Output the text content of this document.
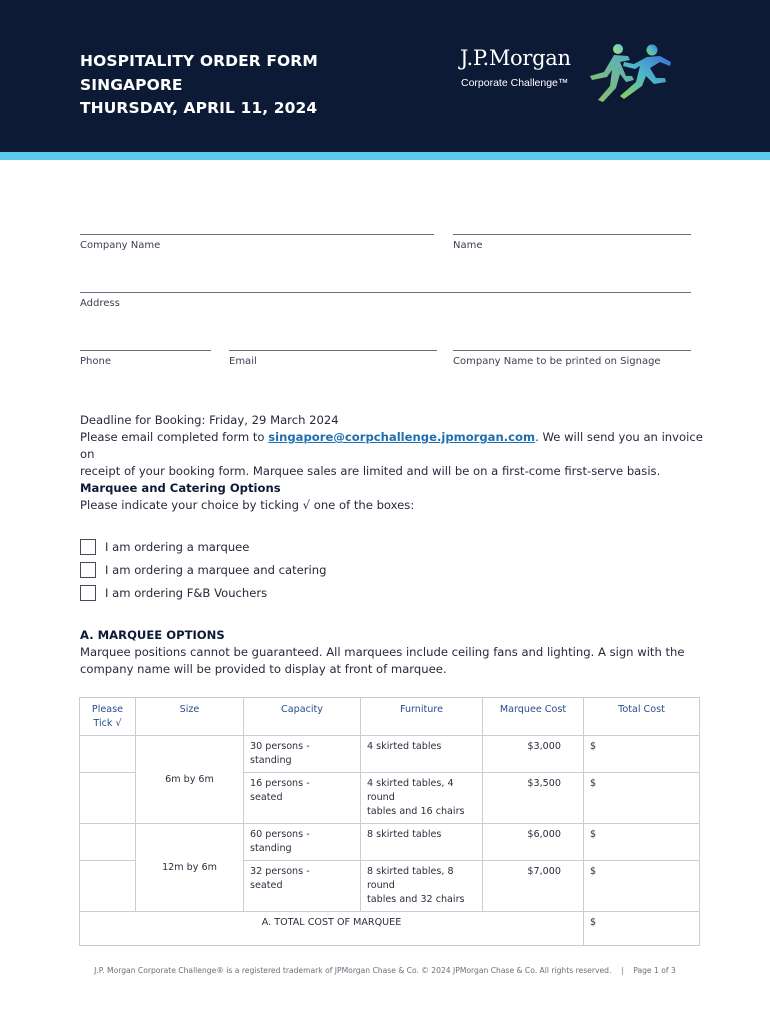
HOSPITALITY ORDER FORM
SINGAPORE
THURSDAY, APRIL 11, 2024
J.P.Morgan
Corporate Challenge™
Company Name	Name
Address
Phone	Email	Company Name to be printed on Signage
Deadline for Booking: Friday, 29 March 2024
Please email completed form to singapore@corpchallenge.jpmorgan.com. We will send you an invoice on
receipt of your booking form. Marquee sales are limited and will be on a first-come first-serve basis.
Marquee and Catering Options
Please indicate your choice by ticking √ one of the boxes:
I am ordering a marquee
I am ordering a marquee and catering
I am ordering F&B Vouchers
A. MARQUEE OPTIONS
Marquee positions cannot be guaranteed. All marquees include ceiling fans and lighting. A sign with the
company name will be provided to display at front of marquee.
Please
Tick √	Size	Capacity	Furniture	Marquee Cost	Total Cost
	6m by 6m	30 persons -
standing	4 skirted tables	$3,000	$
		16 persons -
seated	4 skirted tables, 4 round
tables and 16 chairs	$3,500	$
	12m by 6m	60 persons -
standing	8 skirted tables	$6,000	$
		32 persons -
seated	8 skirted tables, 8 round
tables and 32 chairs	$7,000	$
A. TOTAL COST OF MARQUEE					$
J.P. Morgan Corporate Challenge® is a registered trademark of JPMorgan Chase & Co. © 2024 JPMorgan Chase & Co. All rights reserved.    |    Page 1 of 3
